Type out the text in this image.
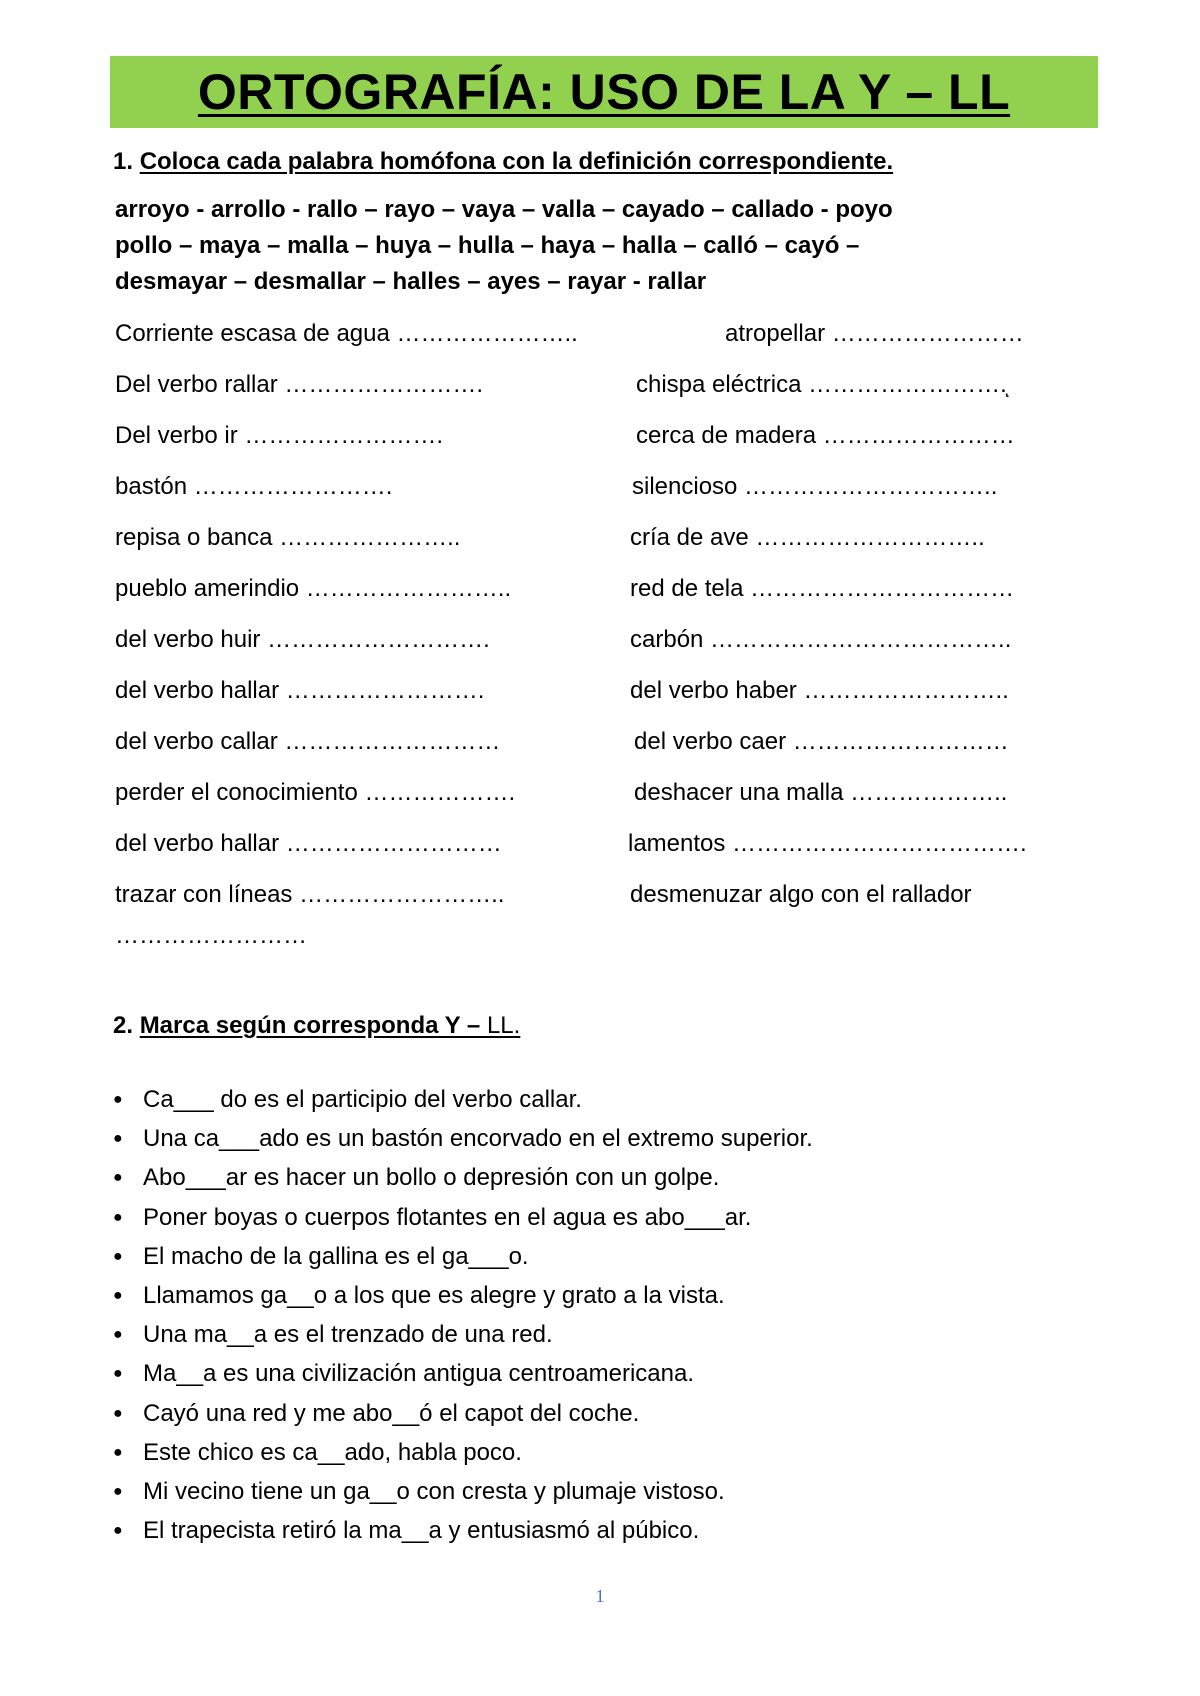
ORTOGRAFÍA: USO DE LA Y – LL
1. Coloca cada palabra homófona con la definición correspondiente.
arroyo - arrollo - rallo – rayo – vaya – valla – cayado – callado - poyo
pollo – maya – malla – huya – hulla – haya – halla – calló – cayó –
desmayar – desmallar – halles – ayes – rayar - rallar
Corriente escasa de agua …………………..
Del verbo rallar …………………….
Del verbo ir …………………….
bastón …………………….
repisa o banca …………………..
pueblo amerindio ……………………..
del verbo huir ……………………….
del verbo hallar …………………….
del verbo callar ………………………
perder el conocimiento ……………….
del verbo hallar ………………………
trazar con líneas ……………………..
……………………
atropellar ……………………
chispa eléctrica …………………….ͅ
cerca de madera ……………………
silencioso …………………………..
cría de ave ………………………..
red de tela ……………………………
carbón ………………………………..
del verbo haber ……………………..
del verbo caer ………………………
deshacer una malla ………………..
lamentos ……………………………….
desmenuzar algo con el rallador
2. Marca según corresponda Y – LL.
● Ca___ do es el participio del verbo callar.
● Una ca___ado es un bastón encorvado en el extremo superior.
● Abo___ar es hacer un bollo o depresión con un golpe.
● Poner boyas o cuerpos flotantes en el agua es abo___ar.
● El macho de la gallina es el ga___o.
● Llamamos ga__o a los que es alegre y grato a la vista.
● Una ma__a es el trenzado de una red.
● Ma__a es una civilización antigua centroamericana.
● Cayó una red y me abo__ó el capot del coche.
● Este chico es ca__ado, habla poco.
● Mi vecino tiene un ga__o con cresta y plumaje vistoso.
● El trapecista retiró la ma__a y entusiasmó al púbico.
1
